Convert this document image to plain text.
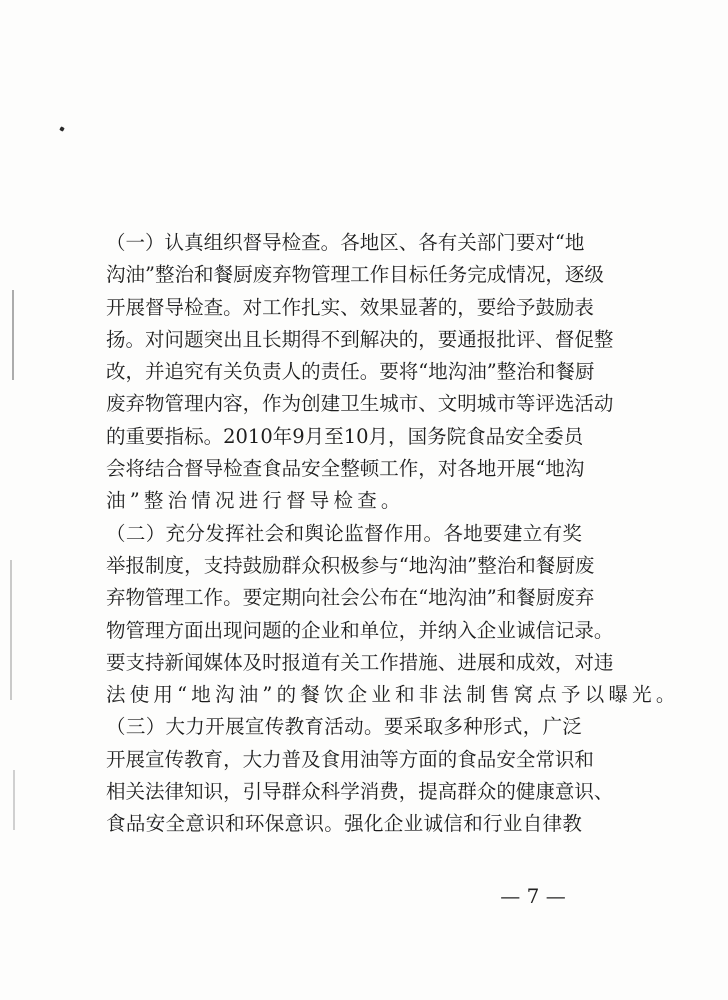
（ 一 ） 认 真 组 织 督 导 检 查 。 各 地 区 、 各 有 关 部 门 要 对 “ 地
沟 油 ” 整 治 和 餐 厨 废 弃 物 管 理 工 作 目 标 任 务 完 成 情 况 ， 逐 级
开 展 督 导 检 查 。 对 工 作 扎 实 、 效 果 显 著 的 ， 要 给 予 鼓 励 表
扬 。 对 问 题 突 出 且 长 期 得 不 到 解 决 的 ， 要 通 报 批 评 、 督 促 整
改 ， 并 追 究 有 关 负 责 人 的 责 任 。 要 将 “ 地 沟 油 ” 整 治 和 餐 厨
废 弃 物 管 理 内 容 ， 作 为 创 建 卫 生 城 市 、 文 明 城 市 等 评 选 活 动
的 重 要 指 标 。 2010 年 9 月 至 10 月 ， 国 务 院 食 品 安 全 委 员
会 将 结 合 督 导 检 查 食 品 安 全 整 顿 工 作 ， 对 各 地 开 展 “ 地 沟
油 ” 整 治 情 况 进 行 督 导 检 查 。
（ 二 ） 充 分 发 挥 社 会 和 舆 论 监 督 作 用 。 各 地 要 建 立 有 奖
举 报 制 度 ， 支 持 鼓 励 群 众 积 极 参 与 “ 地 沟 油 ” 整 治 和 餐 厨 废
弃 物 管 理 工 作 。 要 定 期 向 社 会 公 布 在 “ 地 沟 油 ” 和 餐 厨 废 弃
物 管 理 方 面 出 现 问 题 的 企 业 和 单 位 ， 并 纳 入 企 业 诚 信 记 录 。
要 支 持 新 闻 媒 体 及 时 报 道 有 关 工 作 措 施 、 进 展 和 成 效 ， 对 违
法 使 用 “ 地 沟 油 ” 的 餐 饮 企 业 和 非 法 制 售 窝 点 予 以 曝 光 。
（ 三 ） 大 力 开 展 宣 传 教 育 活 动 。 要 采 取 多 种 形 式 ， 广 泛
开 展 宣 传 教 育 ， 大 力 普 及 食 用 油 等 方 面 的 食 品 安 全 常 识 和
相 关 法 律 知 识 ， 引 导 群 众 科 学 消 费 ， 提 高 群 众 的 健 康 意 识 、
食 品 安 全 意 识 和 环 保 意 识 。 强 化 企 业 诚 信 和 行 业 自 律 教
— 7 —
